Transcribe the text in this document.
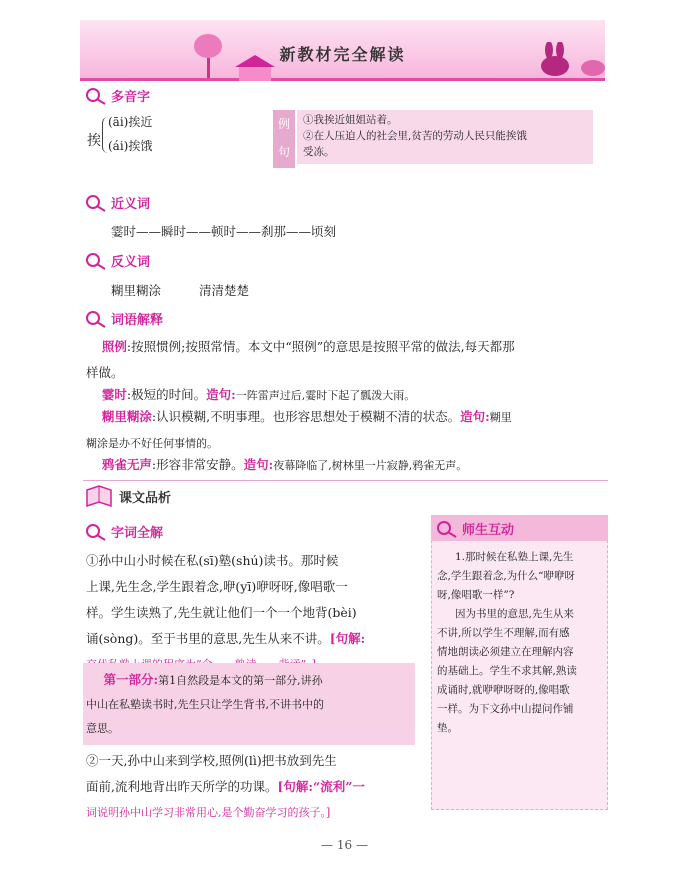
新教材完全解读
多音字
挨
(āi)挨近
(ái)挨饿
例
句
①我挨近姐姐站着。
②在人压迫人的社会里,贫苦的劳动人民只能挨饿
受冻。
近义词
霎时——瞬时——顿时——刹那——顷刻
反义词
糊里糊涂	清清楚楚
词语解释
照例:按照惯例;按照常情。本文中“照例”的意思是按照平常的做法,每天都那
样做。
霎时:极短的时间。造句:一阵雷声过后,霎时下起了瓢泼大雨。
糊里糊涂:认识模糊,不明事理。也形容思想处于模糊不清的状态。造句:糊里
糊涂是办不好任何事情的。
鸦雀无声:形容非常安静。造句:夜幕降临了,树林里一片寂静,鸦雀无声。
课文品析
字词全解
①孙中山小时候在私(sī)塾(shú)读书。那时候
上课,先生念,学生跟着念,咿(yī)咿呀呀,像唱歌一
样。学生读熟了,先生就让他们一个一个地背(bèi)
诵(sòng)。至于书里的意思,先生从来不讲。[句解:
第一部分:第1自然段是本文的第一部分,讲孙
中山在私塾读书时,先生只让学生背书,不讲书中的
意思。
②一天,孙中山来到学校,照例(lì)把书放到先生
面前,流利地背出昨天所学的功课。[句解:“流利”一
词说明孙中山学习非常用心,是个勤奋学习的孩子。]
师生互动
1.那时候在私塾上课,先生
念,学生跟着念,为什么“咿咿呀
呀,像唱歌一样”?
因为书里的意思,先生从来
不讲,所以学生不理解,而有感
情地朗读必须建立在理解内容
的基础上。学生不求其解,熟读
成诵时,就咿咿呀呀的,像唱歌
一样。为下文孙中山提问作铺
垫。
— 16 —
